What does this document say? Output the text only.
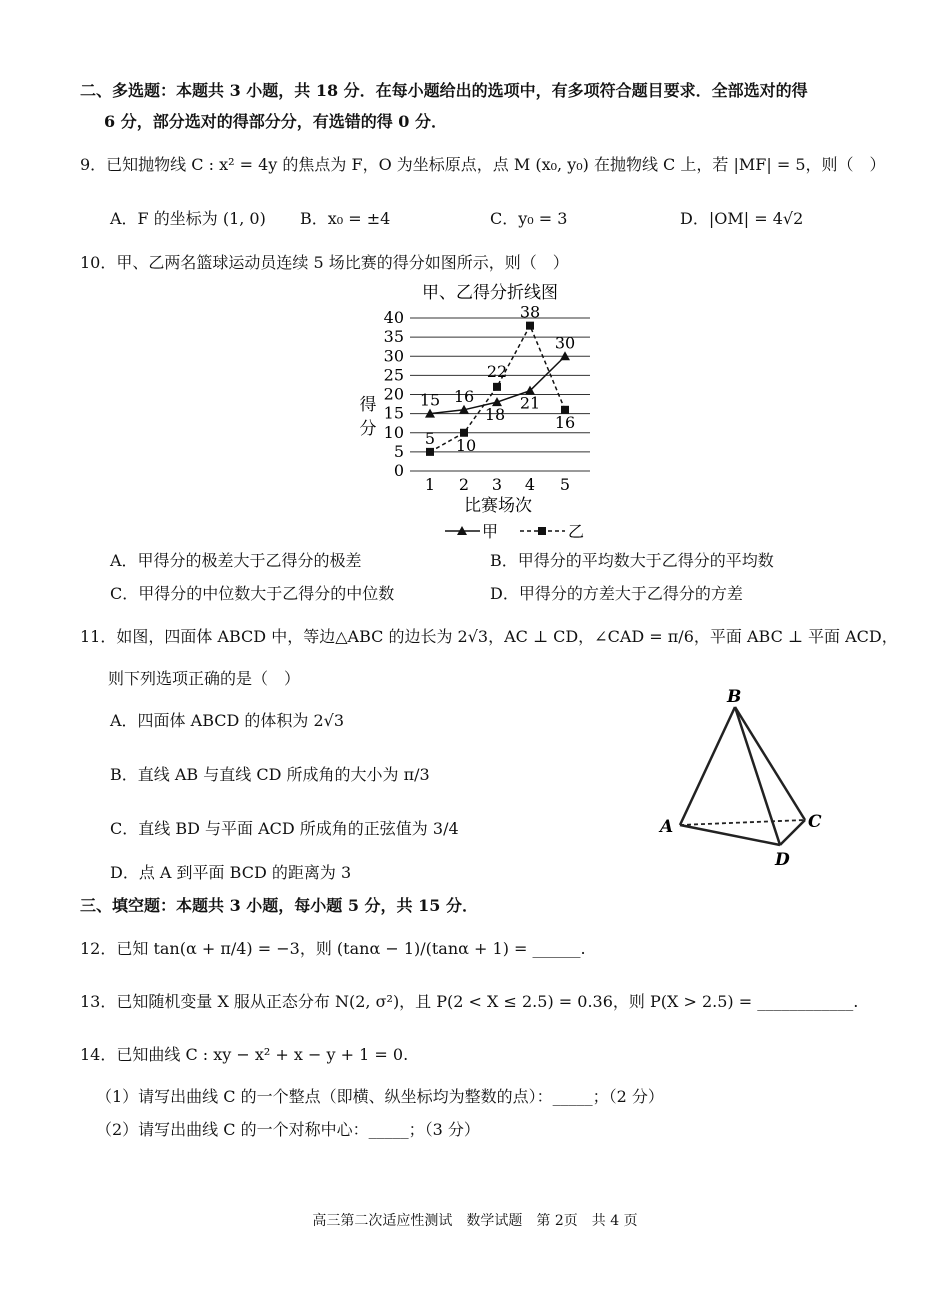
二、多选题：本题共 3 小题，共 18 分．在每小题给出的选项中，有多项符合题目要求．全部选对的得
6 分，部分选对的得部分分，有选错的得 0 分．
9．已知抛物线 C : x² = 4y 的焦点为 F，O 为坐标原点，点 M (x₀, y₀) 在抛物线 C 上，若 |MF| = 5，则（　）
A．F 的坐标为 (1, 0) B．x₀ = ±4	C．y₀ = 3	D．|OM| = 4√2
10．甲、乙两名篮球运动员连续 5 场比赛的得分如图所示，则（　）
甲、乙得分折线图
0
5
10
15
20
25
30
35
40
1 2 3 4 5
得分
15 16
18
21
30
5 10
22
38
16
比赛场次
甲	乙
A．甲得分的极差大于乙得分的极差	B．甲得分的平均数大于乙得分的平均数
C．甲得分的中位数大于乙得分的中位数	D．甲得分的方差大于乙得分的方差
11．如图，四面体 ABCD 中，等边△ABC 的边长为 2√3，AC ⊥ CD，∠CAD = π/6，平面 ABC ⊥ 平面 ACD，
则下列选项正确的是（　）
A．四面体 ABCD 的体积为 2√3
B．直线 AB 与直线 CD 所成角的大小为 π/3
C．直线 BD 与平面 ACD 所成角的正弦值为 3/4
D．点 A 到平面 BCD 的距离为 3
B
A	C
D
三、填空题：本题共 3 小题，每小题 5 分，共 15 分．
12．已知 tan(α + π/4) = −3，则 (tanα − 1)/(tanα + 1) = ______.
13．已知随机变量 X 服从正态分布 N(2, σ²)，且 P(2 < X ≤ 2.5) = 0.36，则 P(X > 2.5) = ____________.
14．已知曲线 C : xy − x² + x − y + 1 = 0.
（1）请写出曲线 C 的一个整点（即横、纵坐标均为整数的点）：_____；（2 分）
（2）请写出曲线 C 的一个对称中心：_____；（3 分）
高三第二次适应性测试　数学试题　第 2页　共 4 页
